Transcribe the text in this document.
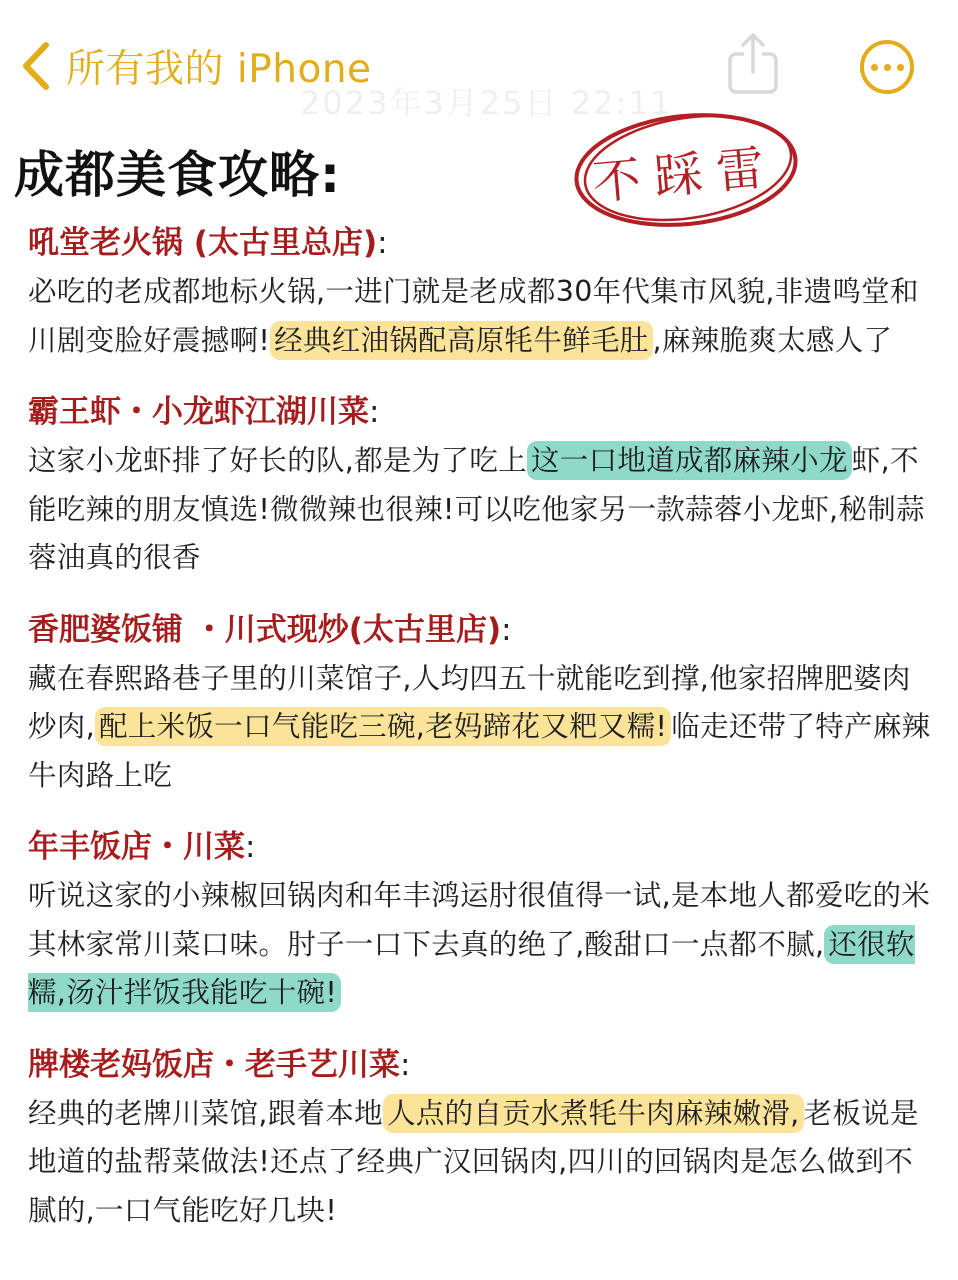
所有我的 iPhone
2023年3月25日 22:11
成都美食攻略:	不踩雷
吼堂老火锅 (太古里总店):
必吃的老成都地标火锅,一进门就是老成都30年代集市风貌,非遗鸣堂和川剧变脸好震撼啊! 经典红油锅配高原牦牛鲜毛肚 ,麻辣脆爽太感人了
霸王虾・小龙虾江湖川菜:
这家小龙虾排了好长的队,都是为了吃上 这一口地道成都麻辣小龙 虾,不能吃辣的朋友慎选!微微辣也很辣!可以吃他家另一款蒜蓉小龙虾,秘制蒜蓉油真的很香
香肥婆饭铺 ・川式现炒(太古里店):
藏在春熙路巷子里的川菜馆子,人均四五十就能吃到撑,他家招牌肥婆肉炒肉, 配上米饭一口气能吃三碗,老妈蹄花又粑又糯! 临走还带了特产麻辣牛肉路上吃
年丰饭店・川菜:
听说这家的小辣椒回锅肉和年丰鸿运肘很值得一试,是本地人都爱吃的米其林家常川菜口味。肘子一口下去真的绝了,酸甜口一点都不腻, 还很软糯,汤汁拌饭我能吃十碗!
牌楼老妈饭店・老手艺川菜:
经典的老牌川菜馆,跟着本地 人点的自贡水煮牦牛肉麻辣嫩滑, 老板说是地道的盐帮菜做法!还点了经典广汉回锅肉,四川的回锅肉是怎么做到不腻的,一口气能吃好几块!
